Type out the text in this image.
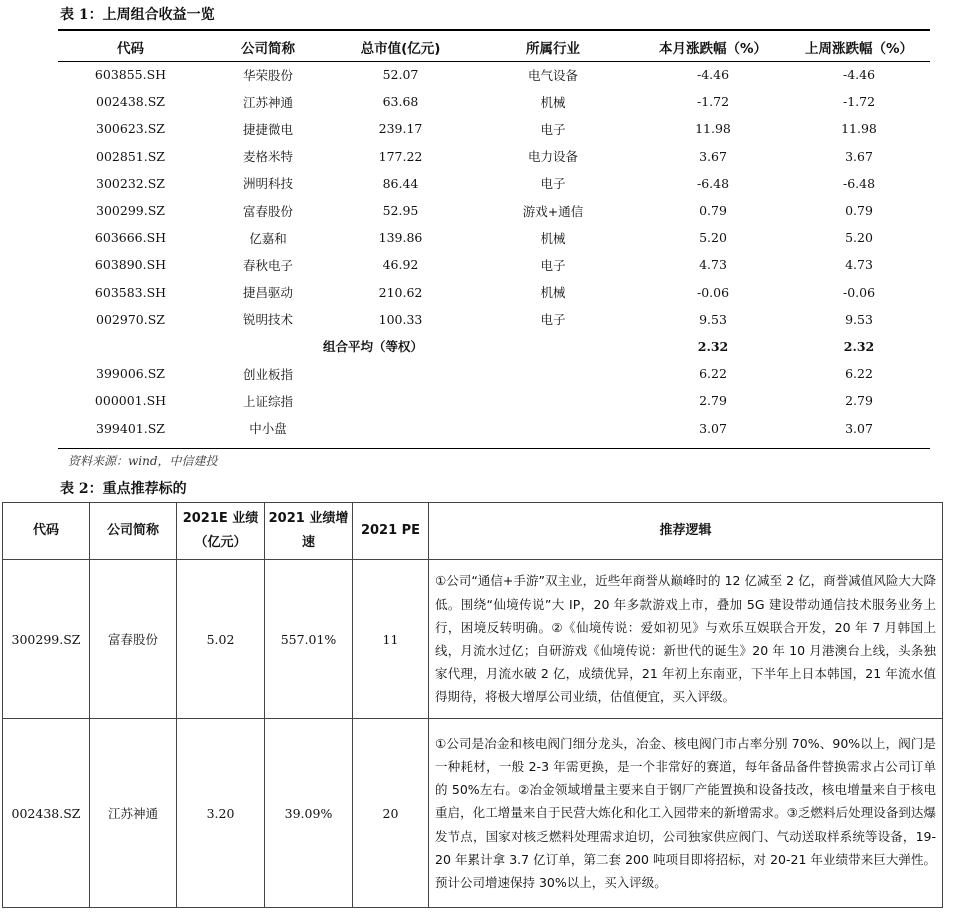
表 1：上周组合收益一览
代码	公司简称	总市值(亿元)	所属行业	本月涨跌幅（%）	上周涨跌幅（%）
603855.SH	华荣股份	52.07	电气设备	-4.46	-4.46
002438.SZ	江苏神通	63.68	机械	-1.72	-1.72
300623.SZ	捷捷微电	239.17	电子	11.98	11.98
002851.SZ	麦格米特	177.22	电力设备	3.67	3.67
300232.SZ	洲明科技	86.44	电子	-6.48	-6.48
300299.SZ	富春股份	52.95	游戏+通信	0.79	0.79
603666.SH	亿嘉和	139.86	机械	5.20	5.20
603890.SH	春秋电子	46.92	电子	4.73	4.73
603583.SH	捷昌驱动	210.62	机械	-0.06	-0.06
002970.SZ	锐明技术	100.33	电子	9.53	9.53
组合平均（等权）				2.32	2.32
399006.SZ	创业板指			6.22	6.22
000001.SH	上证综指			2.79	2.79
399401.SZ	中小盘			3.07	3.07
资料来源：wind，中信建投
表 2：重点推荐标的
代码	公司简称	2021E 业绩（亿元）	2021 业绩增速	2021 PE	推荐逻辑
300299.SZ	富春股份	5.02	557.01%	11	①公司“通信+手游”双主业，近些年商誉从巅峰时的 12 亿减至 2 亿，商誉减值风险大大降低。围绕“仙境传说”大 IP，20 年多款游戏上市，叠加 5G 建设带动通信技术服务业务上行，困境反转明确。②《仙境传说：爱如初见》与欢乐互娱联合开发，20 年 7 月韩国上线，月流水过亿；自研游戏《仙境传说：新世代的诞生》20 年 10 月港澳台上线，头条独家代理，月流水破 2 亿，成绩优异，21 年初上东南亚，下半年上日本韩国，21 年流水值得期待，将极大增厚公司业绩，估值便宜，买入评级。
002438.SZ	江苏神通	3.20	39.09%	20	①公司是冶金和核电阀门细分龙头，冶金、核电阀门市占率分别 70%、90%以上，阀门是一种耗材，一般 2-3 年需更换，是一个非常好的赛道，每年备品备件替换需求占公司订单的 50%左右。②冶金领域增量主要来自于钢厂产能置换和设备技改，核电增量来自于核电重启，化工增量来自于民营大炼化和化工入园带来的新增需求。③乏燃料后处理设备到达爆发节点，国家对核乏燃料处理需求迫切，公司独家供应阀门、气动送取样系统等设备，19-20 年累计拿 3.7 亿订单，第二套 200 吨项目即将招标，对 20-21 年业绩带来巨大弹性。预计公司增速保持 30%以上，买入评级。
